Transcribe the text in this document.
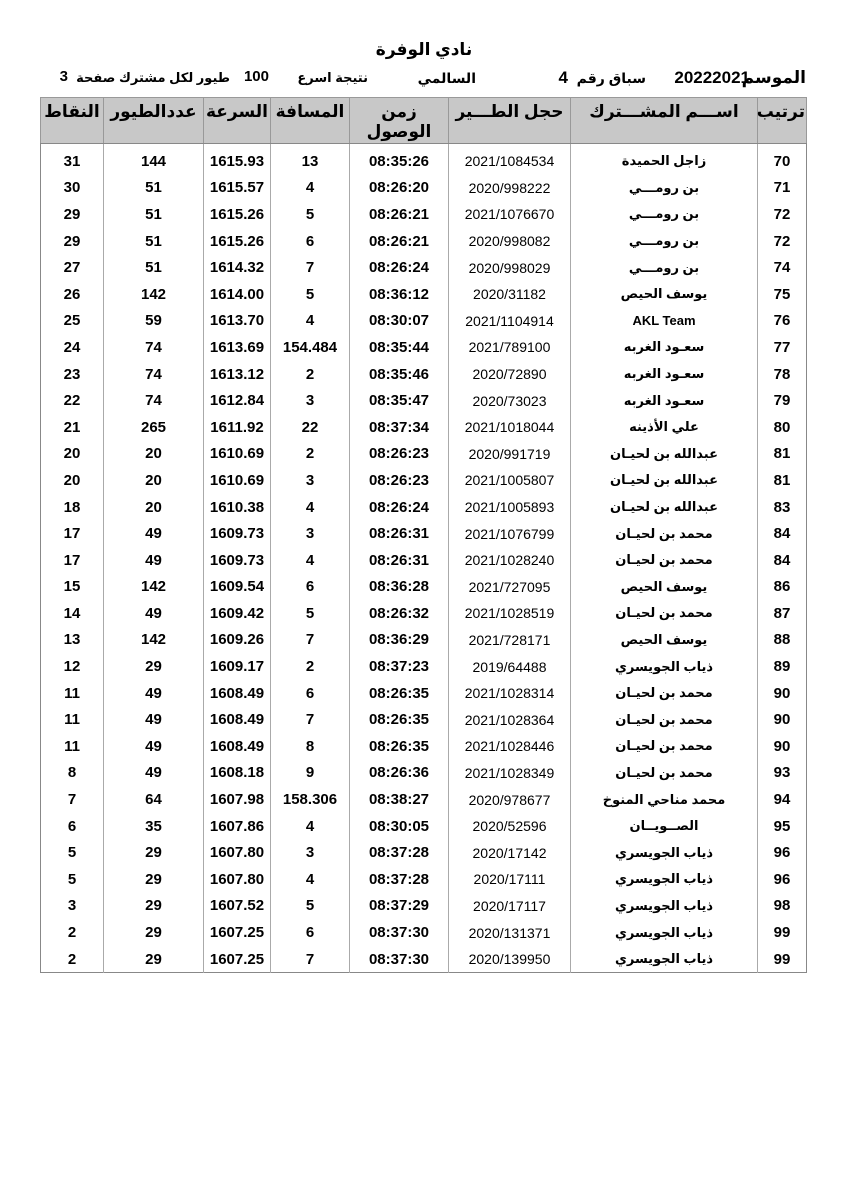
نادي الوفرة
الموسم
20222021
سباق رقم
4
السالمي
نتيجة اسرع
100
طيور لكل مشترك صفحة
3
ترتيب	اســـم المشـــترك	حجل الطـــير	زمن الوصول	المسافة	السرعة	عددالطيور	النقاط
70	زاجل الحميدة	2021/1084534	08:35:26	13	1615.93	144	31
71	بن رومـــي	2020/998222	08:26:20	4	1615.57	51	30
72	بن رومـــي	2021/1076670	08:26:21	5	1615.26	51	29
72	بن رومـــي	2020/998082	08:26:21	6	1615.26	51	29
74	بن رومـــي	2020/998029	08:26:24	7	1614.32	51	27
75	يوسف الحيص	2020/31182	08:36:12	5	1614.00	142	26
76	AKL Team	2021/1104914	08:30:07	4	1613.70	59	25
77	سعـود الغربه	2021/789100	08:35:44	154.484	1613.69	74	24
78	سعـود الغربه	2020/72890	08:35:46	2	1613.12	74	23
79	سعـود الغربه	2020/73023	08:35:47	3	1612.84	74	22
80	علي الأذينه	2021/1018044	08:37:34	22	1611.92	265	21
81	عبدالله بن لحيـان	2020/991719	08:26:23	2	1610.69	20	20
81	عبدالله بن لحيـان	2021/1005807	08:26:23	3	1610.69	20	20
83	عبدالله بن لحيـان	2021/1005893	08:26:24	4	1610.38	20	18
84	محمد بن لحيـان	2021/1076799	08:26:31	3	1609.73	49	17
84	محمد بن لحيـان	2021/1028240	08:26:31	4	1609.73	49	17
86	يوسف الحيص	2021/727095	08:36:28	6	1609.54	142	15
87	محمد بن لحيـان	2021/1028519	08:26:32	5	1609.42	49	14
88	يوسف الحيص	2021/728171	08:36:29	7	1609.26	142	13
89	ذياب الجويسري	2019/64488	08:37:23	2	1609.17	29	12
90	محمد بن لحيـان	2021/1028314	08:26:35	6	1608.49	49	11
90	محمد بن لحيـان	2021/1028364	08:26:35	7	1608.49	49	11
90	محمد بن لحيـان	2021/1028446	08:26:35	8	1608.49	49	11
93	محمد بن لحيـان	2021/1028349	08:26:36	9	1608.18	49	8
94	محمد مناحي المنوخ	2020/978677	08:38:27	158.306	1607.98	64	7
95	الصــويــان	2020/52596	08:30:05	4	1607.86	35	6
96	ذياب الجويسري	2020/17142	08:37:28	3	1607.80	29	5
96	ذياب الجويسري	2020/17111	08:37:28	4	1607.80	29	5
98	ذياب الجويسري	2020/17117	08:37:29	5	1607.52	29	3
99	ذياب الجويسري	2020/131371	08:37:30	6	1607.25	29	2
99	ذياب الجويسري	2020/139950	08:37:30	7	1607.25	29	2
